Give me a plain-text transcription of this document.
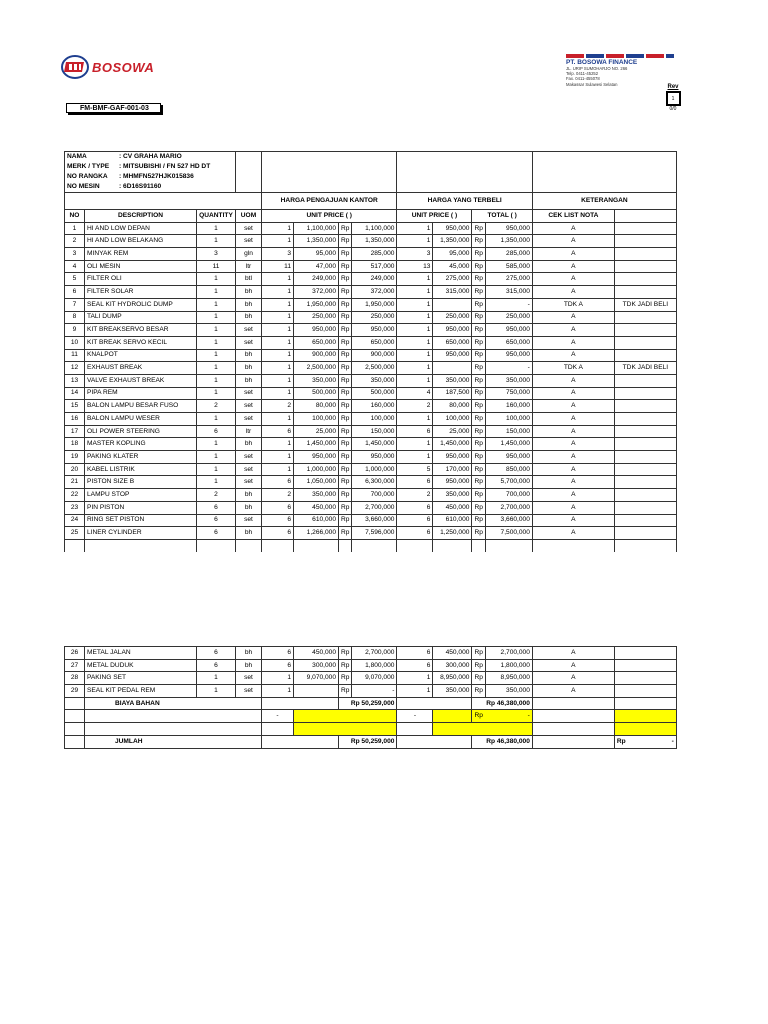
BOSOWA	PT. BOSOWA FINANCE
JL. URIP SUMOHARJO NO. 266
Telp. 0411-45252
Fax. 0411-455078
Makassar Sulawesi Selatan	Rev
1
0/0
FM-BMF-GAF-001-03
NAMA : CV GRAHA MARIO
MERK / TYPE : MITSUBISHI / FN 527 HD DT
NO RANGKA : MHMFN527HJK015836
NO MESIN : 6D16S91160													

				HARGA PENGAJUAN KANTOR				HARGA YANG TERBELI				KETERANGAN	
NO	DESCRIPTION	QUANTITY	UOM	UNIT PRICE ( )				UNIT PRICE ( )		TOTAL ( )		CEK LIST NOTA	
1	HI AND LOW DEPAN	1	set	1	1,100,000	Rp	1,100,000	1	950,000	Rp	950,000	A	
2	HI AND LOW BELAKANG	1	set	1	1,350,000	Rp	1,350,000	1	1,350,000	Rp	1,350,000	A	
3	MINYAK REM	3	gln	3	95,000	Rp	285,000	3	95,000	Rp	285,000	A	
4	OLI MESIN	11	ltr	11	47,000	Rp	517,000	13	45,000	Rp	585,000	A	
5	FILTER OLI	1	btl	1	249,000	Rp	249,000	1	275,000	Rp	275,000	A	
6	FILTER SOLAR	1	bh	1	372,000	Rp	372,000	1	315,000	Rp	315,000	A	
7	SEAL KIT HYDROLIC DUMP	1	bh	1	1,950,000	Rp	1,950,000	1		Rp	-	TDK A	TDK JADI BELI
8	TALI DUMP	1	bh	1	250,000	Rp	250,000	1	250,000	Rp	250,000	A	
9	KIT BREAKSERVO BESAR	1	set	1	950,000	Rp	950,000	1	950,000	Rp	950,000	A	
10	KIT BREAK SERVO KECIL	1	set	1	650,000	Rp	650,000	1	650,000	Rp	650,000	A	
11	KNALPOT	1	bh	1	900,000	Rp	900,000	1	950,000	Rp	950,000	A	
12	EXHAUST BREAK	1	bh	1	2,500,000	Rp	2,500,000	1		Rp	-	TDK A	TDK JADI BELI
13	VALVE EXHAUST BREAK	1	bh	1	350,000	Rp	350,000	1	350,000	Rp	350,000	A	
14	PIPA REM	1	set	1	500,000	Rp	500,000	4	187,500	Rp	750,000	A	
15	BALON LAMPU BESAR FUSO	2	set	2	80,000	Rp	160,000	2	80,000	Rp	160,000	A	
16	BALON LAMPU WESER	1	set	1	100,000	Rp	100,000	1	100,000	Rp	100,000	A	
17	OLI POWER STEERING	6	ltr	6	25,000	Rp	150,000	6	25,000	Rp	150,000	A	
18	MASTER KOPLING	1	bh	1	1,450,000	Rp	1,450,000	1	1,450,000	Rp	1,450,000	A	
19	PAKING KLATER	1	set	1	950,000	Rp	950,000	1	950,000	Rp	950,000	A	
20	KABEL LISTRIK	1	set	1	1,000,000	Rp	1,000,000	5	170,000	Rp	850,000	A	
21	PISTON SIZE B	1	set	6	1,050,000	Rp	6,300,000	6	950,000	Rp	5,700,000	A	
22	LAMPU STOP	2	bh	2	350,000	Rp	700,000	2	350,000	Rp	700,000	A	
23	PIN PISTON	6	bh	6	450,000	Rp	2,700,000	6	450,000	Rp	2,700,000	A	
24	RING SET PISTON	6	set	6	610,000	Rp	3,660,000	6	610,000	Rp	3,660,000	A	
25	LINER CYLINDER	6	bh	6	1,266,000	Rp	7,596,000	6	1,250,000	Rp	7,500,000	A	

26	METAL JALAN	6	bh	6	450,000	Rp	2,700,000	6	450,000	Rp	2,700,000	A	
27	METAL DUDUK	6	bh	6	300,000	Rp	1,800,000	6	300,000	Rp	1,800,000	A	
28	PAKING SET	1	set	1	9,070,000	Rp	9,070,000	1	8,950,000	Rp	8,950,000	A	
29	SEAL KIT PEDAL REM	1	set	1		Rp	-	1	350,000	Rp	350,000	A	
	BIAYA BAHAN					Rp 50,259,000				Rp 46,380,000			
				-				-		Rp -			

	JUMLAH					Rp 50,259,000				Rp 46,380,000			Rp -
